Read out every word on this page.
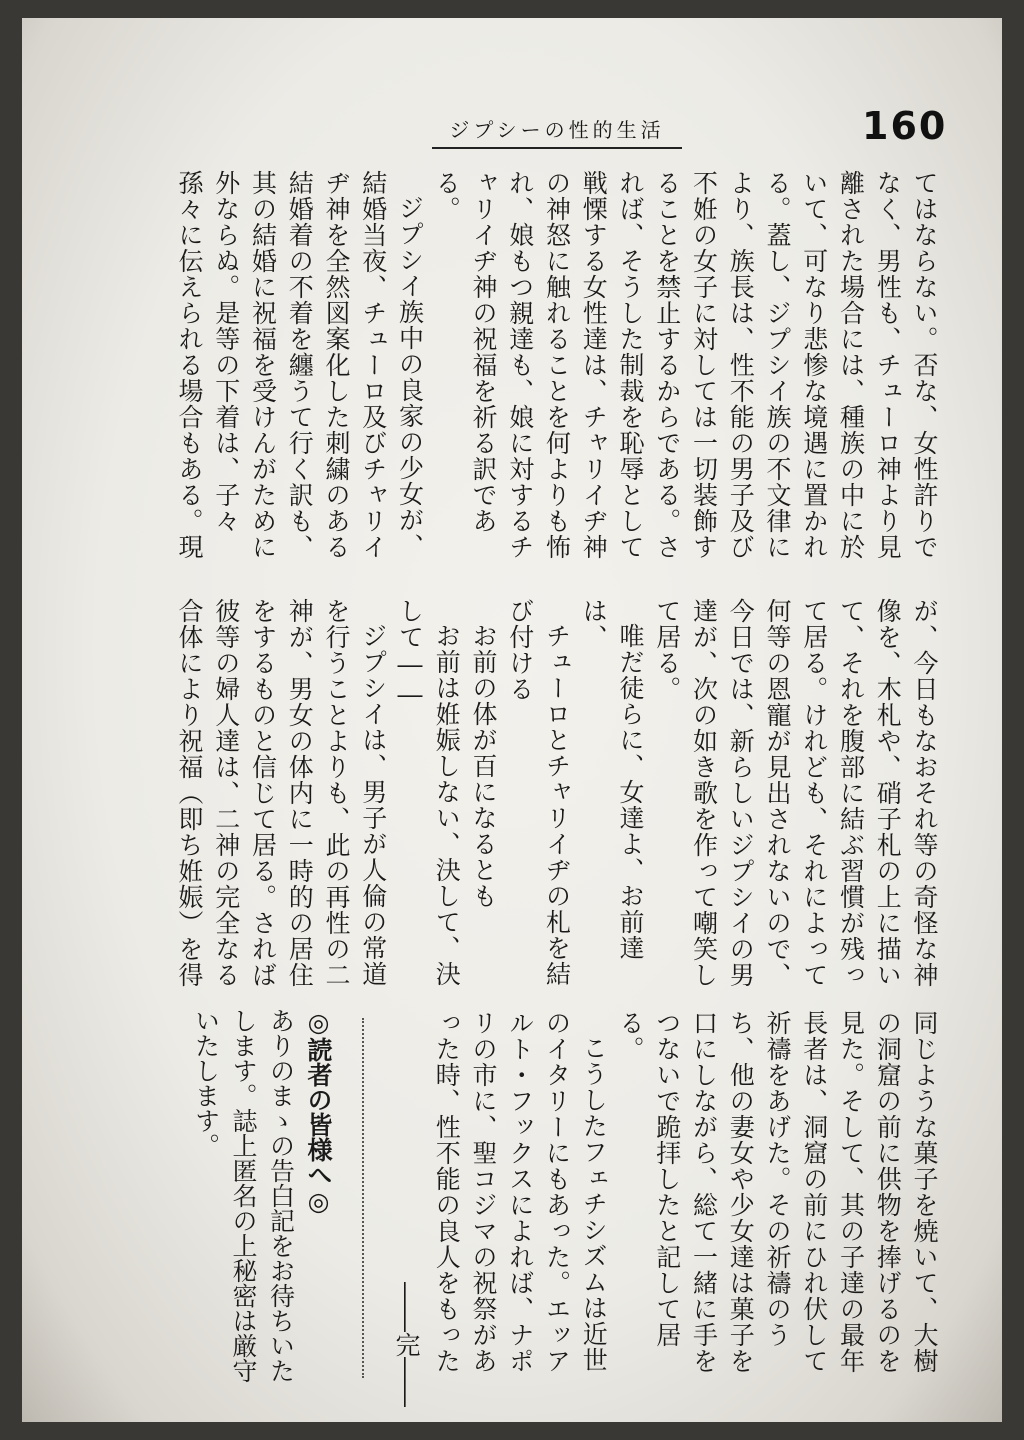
ジプシーの性的生活	160

てはならない。否な、女性許りでなく、男性も、チューロ神より見離された場合には、種族の中に於いて、可なり悲惨な境遇に置かれる。蓋し、ジプシイ族の不文律により、族長は、性不能の男子及び不姙の女子に対しては一切装飾することを禁止するからである。されば、そうした制裁を恥辱として戦慄する女性達は、チャリイヂ神の神怒に触れることを何よりも怖れ、娘もつ親達も、娘に対するチャリイヂ神の祝福を祈る訳である。

ジプシイ族中の良家の少女が、結婚当夜、チューロ及びチャリイヂ神を全然図案化した刺繍のある結婚着の不着を纏うて行く訳も、其の結婚に祝福を受けんがために外ならぬ。是等の下着は、子々孫々に伝えられる場合もある。現

が、今日もなおそれ等の奇怪な神像を、木札や、硝子札の上に描いて、それを腹部に結ぶ習慣が残って居る。けれども、それによって何等の恩寵が見出されないので、今日では、新らしいジプシイの男達が、次の如き歌を作って嘲笑して居る。

唯だ徒らに、女達よ、お前達は、

チューロとチャリイヂの札を結び付ける

お前の体が百になるとも

お前は姙娠しない、決して、決して――

ジプシイは、男子が人倫の常道を行うことよりも、此の再性の二神が、男女の体内に一時的の居住をするものと信じて居る。されば彼等の婦人達は、二神の完全なる合体により祝福（即ち姙娠）を得

同じような菓子を焼いて、大樹の洞窟の前に供物を捧げるのを見た。そして、其の子達の最年長者は、洞窟の前にひれ伏して祈禱をあげた。その祈禱のうち、他の妻女や少女達は菓子を口にしながら、総て一緒に手をつないで跪拝したと記して居る。

こうしたフェチシズムは近世のイタリーにもあった。エッアルト・フックスによれば、ナポリの市に、聖コジマの祝祭があった時、性不能の良人をもった

――完――

◎読者の皆様へ◎

ありのまゝの告白記をお待ちいたします。誌上匿名の上秘密は厳守いたします。
